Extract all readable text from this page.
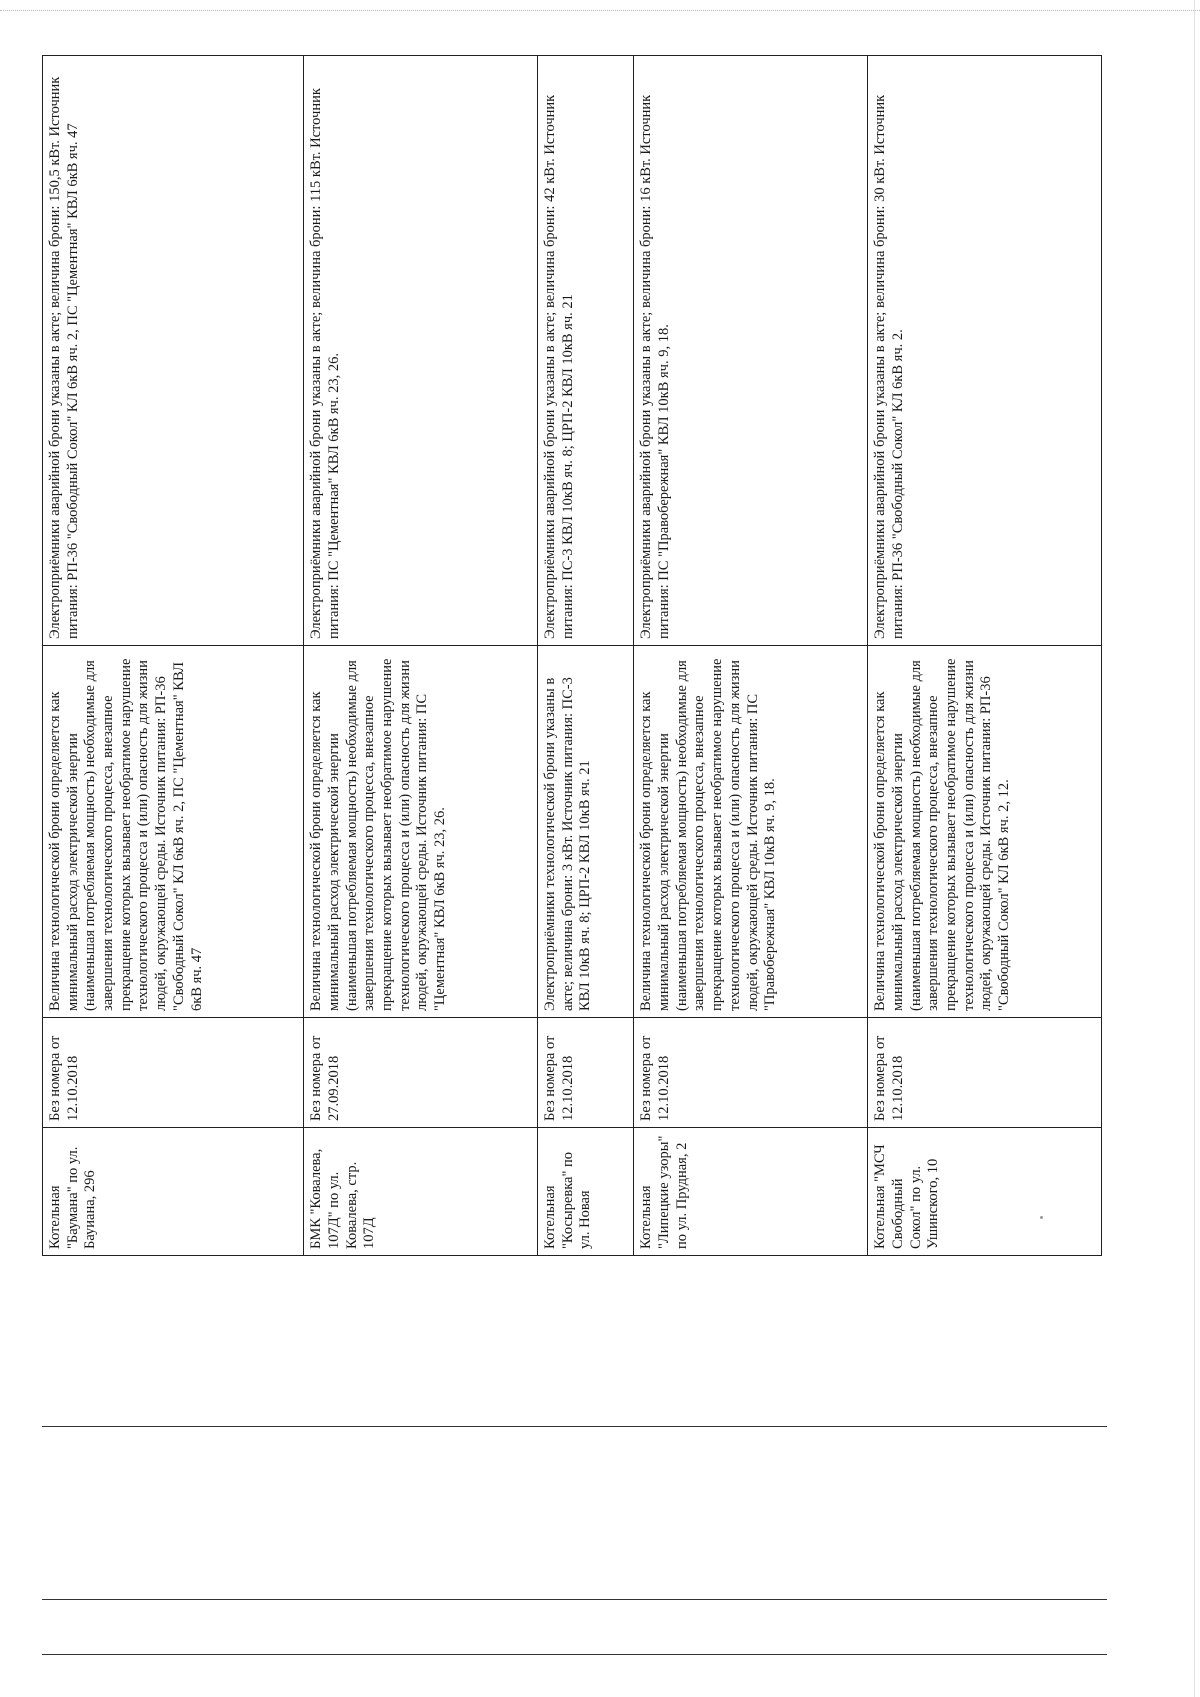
Котельная "Баумана" по ул. Бауиана, 296	Без номера от 12.10.2018	Величина технологической брони определяется как минимальный расход электрической энергии (наименьшая потребляемая мощность) необходимые для завершения технологического процесса, внезапное прекращение которых вызывает необратимое нарушение технологического процесса и (или) опасность для жизни людей, окружающей среды. Источник питания: РП-36 "Свободный Сокол" КЛ 6кВ яч. 2, ПС "Цементная" КВЛ 6кВ яч. 47	Электроприёмники аварийной брони указаны в акте; величина брони: 150,5 кВт. Источник питания: РП-36 "Свободный Сокол" КЛ 6кВ яч. 2, ПС "Цементная" КВЛ 6кВ яч. 47
БМК "Ковалева, 107Д" по ул. Ковалева, стр. 107Д	Без номера от 27.09.2018	Величина технологической брони определяется как минимальный расход электрической энергии (наименьшая потребляемая мощность) необходимые для завершения технологического процесса, внезапное прекращение которых вызывает необратимое нарушение технологического процесса и (или) опасность для жизни людей, окружающей среды. Источник питания: ПС "Цементная" КВЛ 6кВ яч. 23, 26.	Электроприёмники аварийной брони указаны в акте; величина брони: 115 кВт. Источник питания: ПС "Цементная" КВЛ 6кВ яч. 23, 26.
Котельная "Косыревка" по ул. Новая	Без номера от 12.10.2018	Электроприёмники технологической брони указаны в акте; величина брони: 3 кВт. Источник питания: ПС-3 КВЛ 10кВ яч. 8; ЦРП-2 КВЛ 10кВ яч. 21	Электроприёмники аварийной брони указаны в акте; величина брони: 42 кВт. Источник питания: ПС-3 КВЛ 10кВ яч. 8; ЦРП-2 КВЛ 10кВ яч. 21
Котельная "Липецкие узоры" по ул. Прудная, 2	Без номера от 12.10.2018	Величина технологической брони определяется как минимальный расход электрической энергии (наименьшая потребляемая мощность) необходимые для завершения технологического процесса, внезапное прекращение которых вызывает необратимое нарушение технологического процесса и (или) опасность для жизни людей, окружающей среды. Источник питания: ПС "Правобережная" КВЛ 10кВ яч. 9, 18.	Электроприёмники аварийной брони указаны в акте; величина брони: 16 кВт. Источник питания: ПС "Правобережная" КВЛ 10кВ яч. 9, 18.
Котельная "МСЧ Свободный Сокол" по ул. Ушинского, 10	Без номера от 12.10.2018	Величина технологической брони определяется как минимальный расход электрической энергии (наименьшая потребляемая мощность) необходимые для завершения технологического процесса, внезапное прекращение которых вызывает необратимое нарушение технологического процесса и (или) опасность для жизни людей, окружающей среды. Источник питания: РП-36 "Свободный Сокол" КЛ 6кВ яч. 2, 12.	Электроприёмники аварийной брони указаны в акте; величина брони: 30 кВт. Источник питания: РП-36 "Свободный Сокол" КЛ 6кВ яч. 2.
